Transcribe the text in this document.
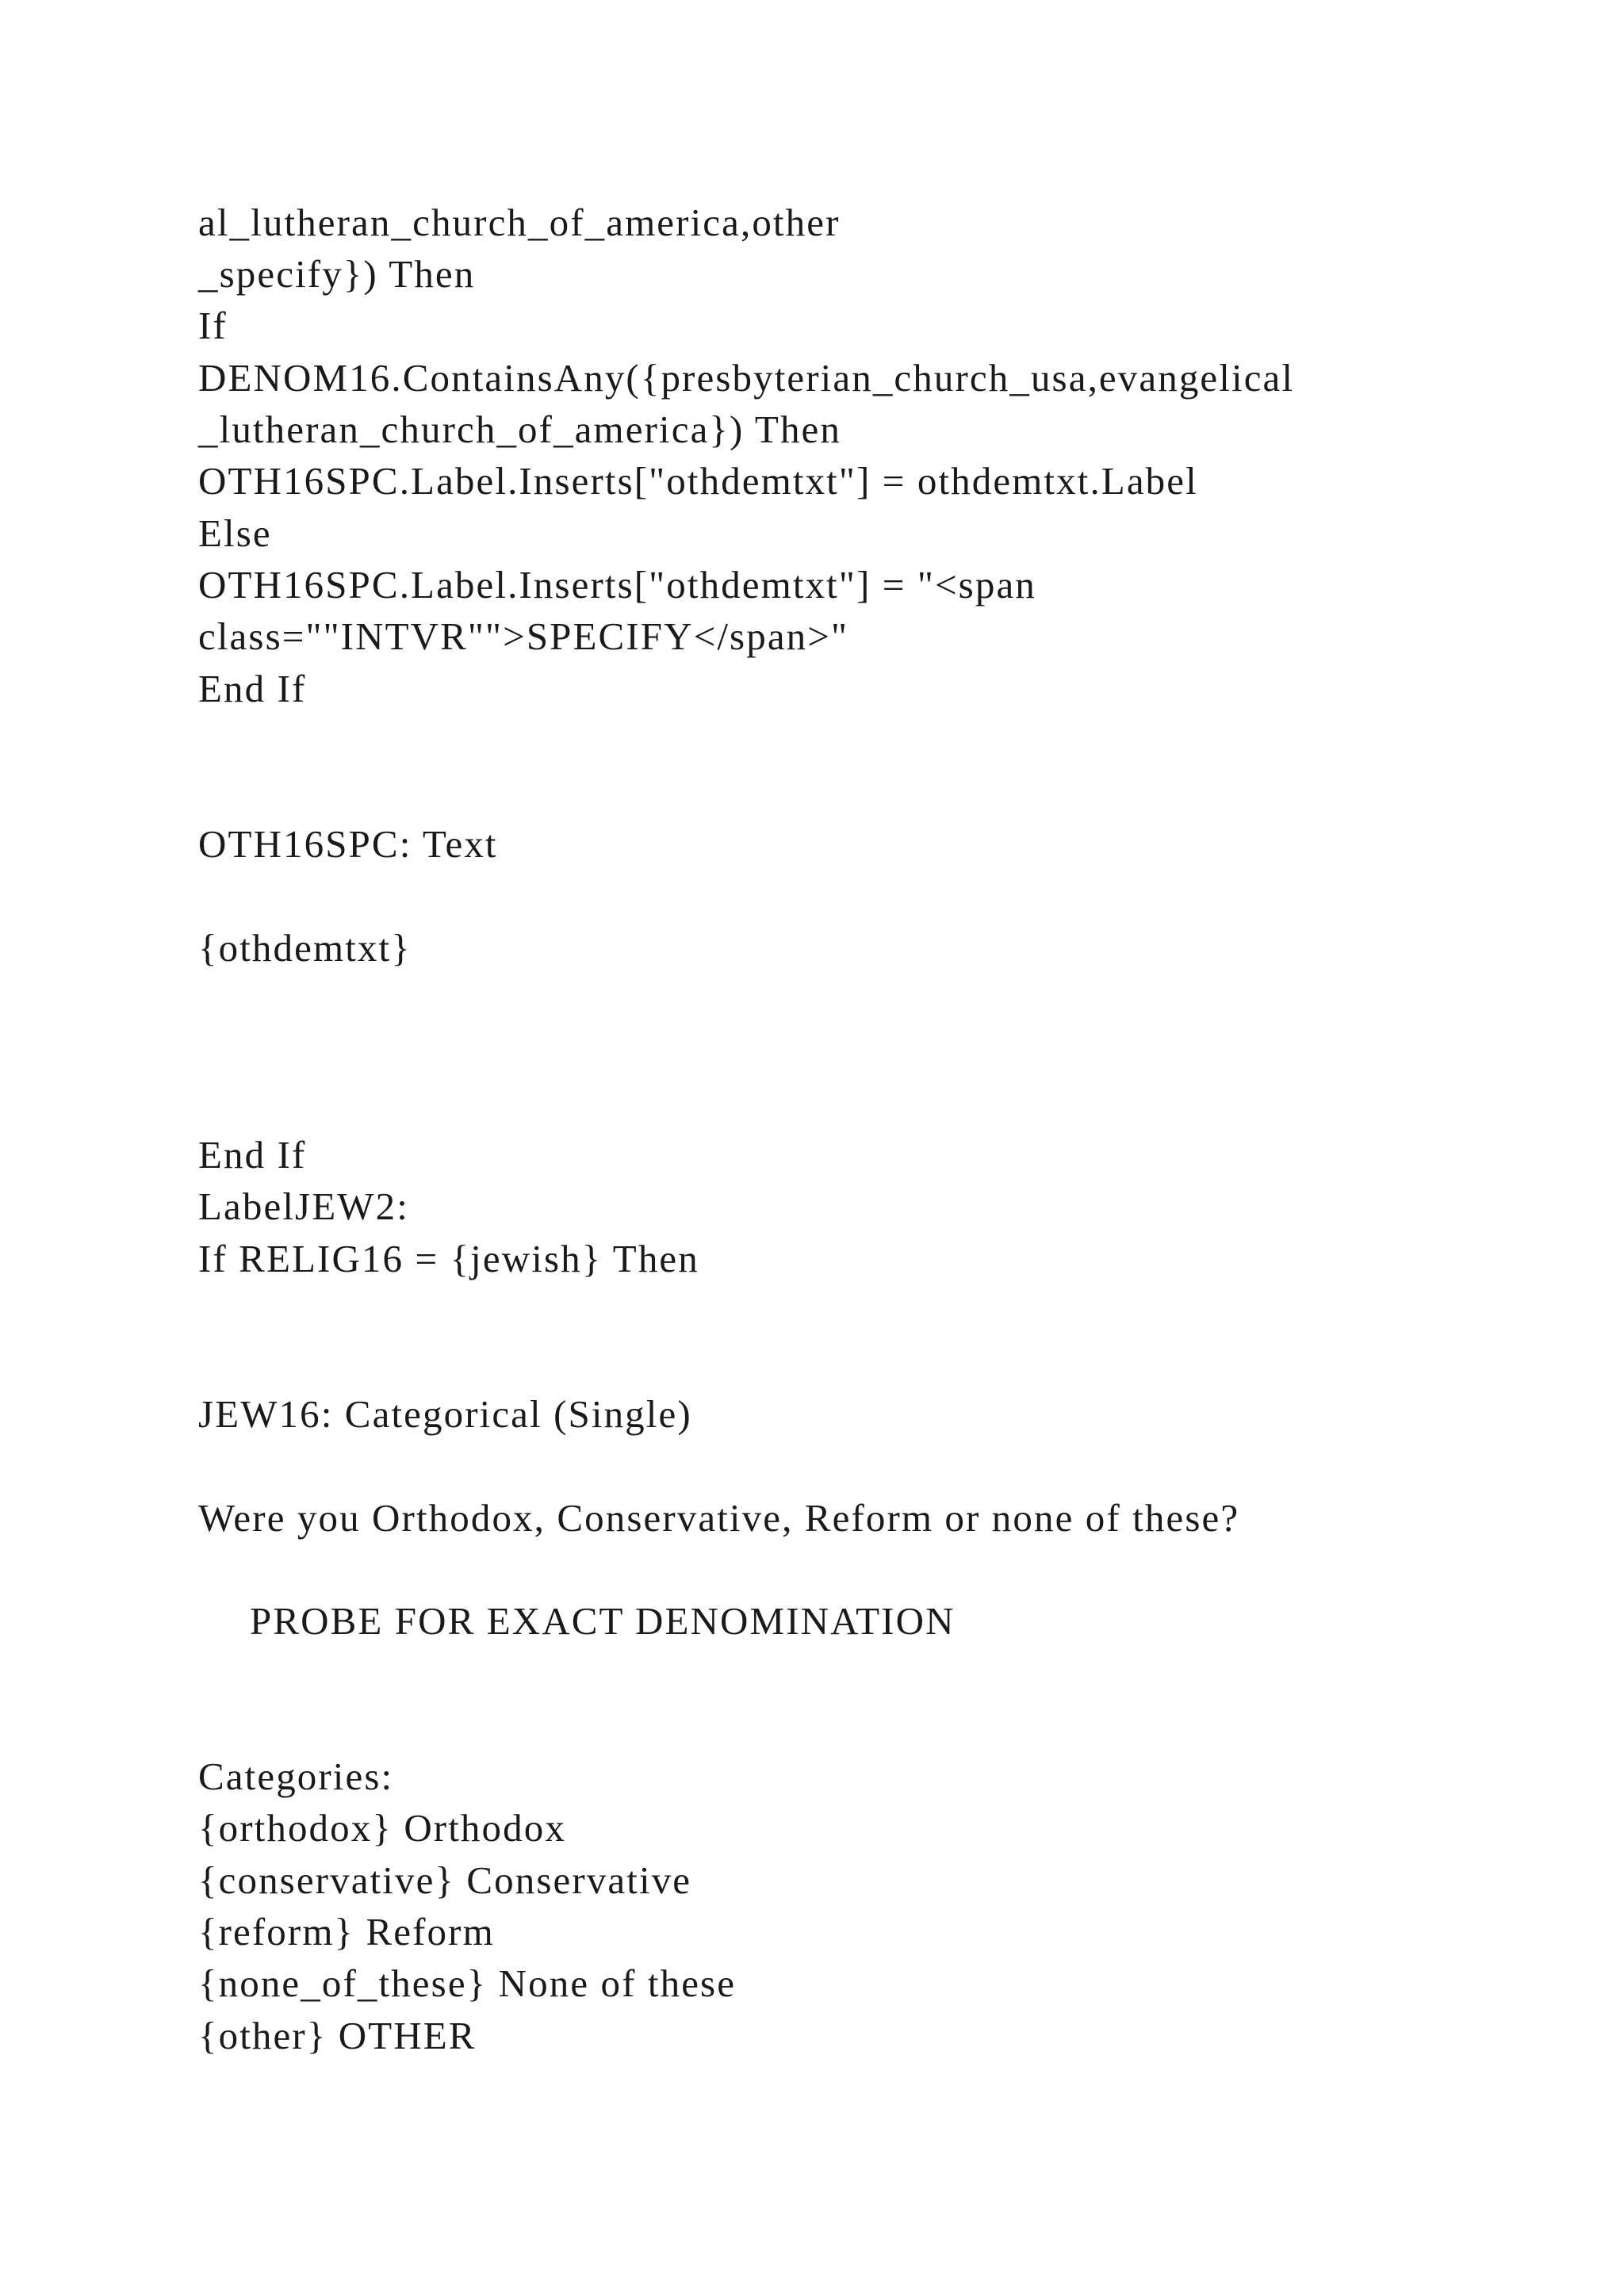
al_lutheran_church_of_america,other

_specify}) Then

If

DENOM16.ContainsAny({presbyterian_church_usa,evangelical

_lutheran_church_of_america}) Then

OTH16SPC.Label.Inserts["othdemtxt"] = othdemtxt.Label

Else

OTH16SPC.Label.Inserts["othdemtxt"] = "<span

class=""INTVR"">SPECIFY</span>"

End If

OTH16SPC: Text

{othdemtxt}

End If

LabelJEW2:

If RELIG16 = {jewish} Then

JEW16: Categorical (Single)

Were you Orthodox, Conservative, Reform or none of these?

PROBE FOR EXACT DENOMINATION

Categories:

{orthodox} Orthodox

{conservative} Conservative

{reform} Reform

{none_of_these} None of these

{other} OTHER
